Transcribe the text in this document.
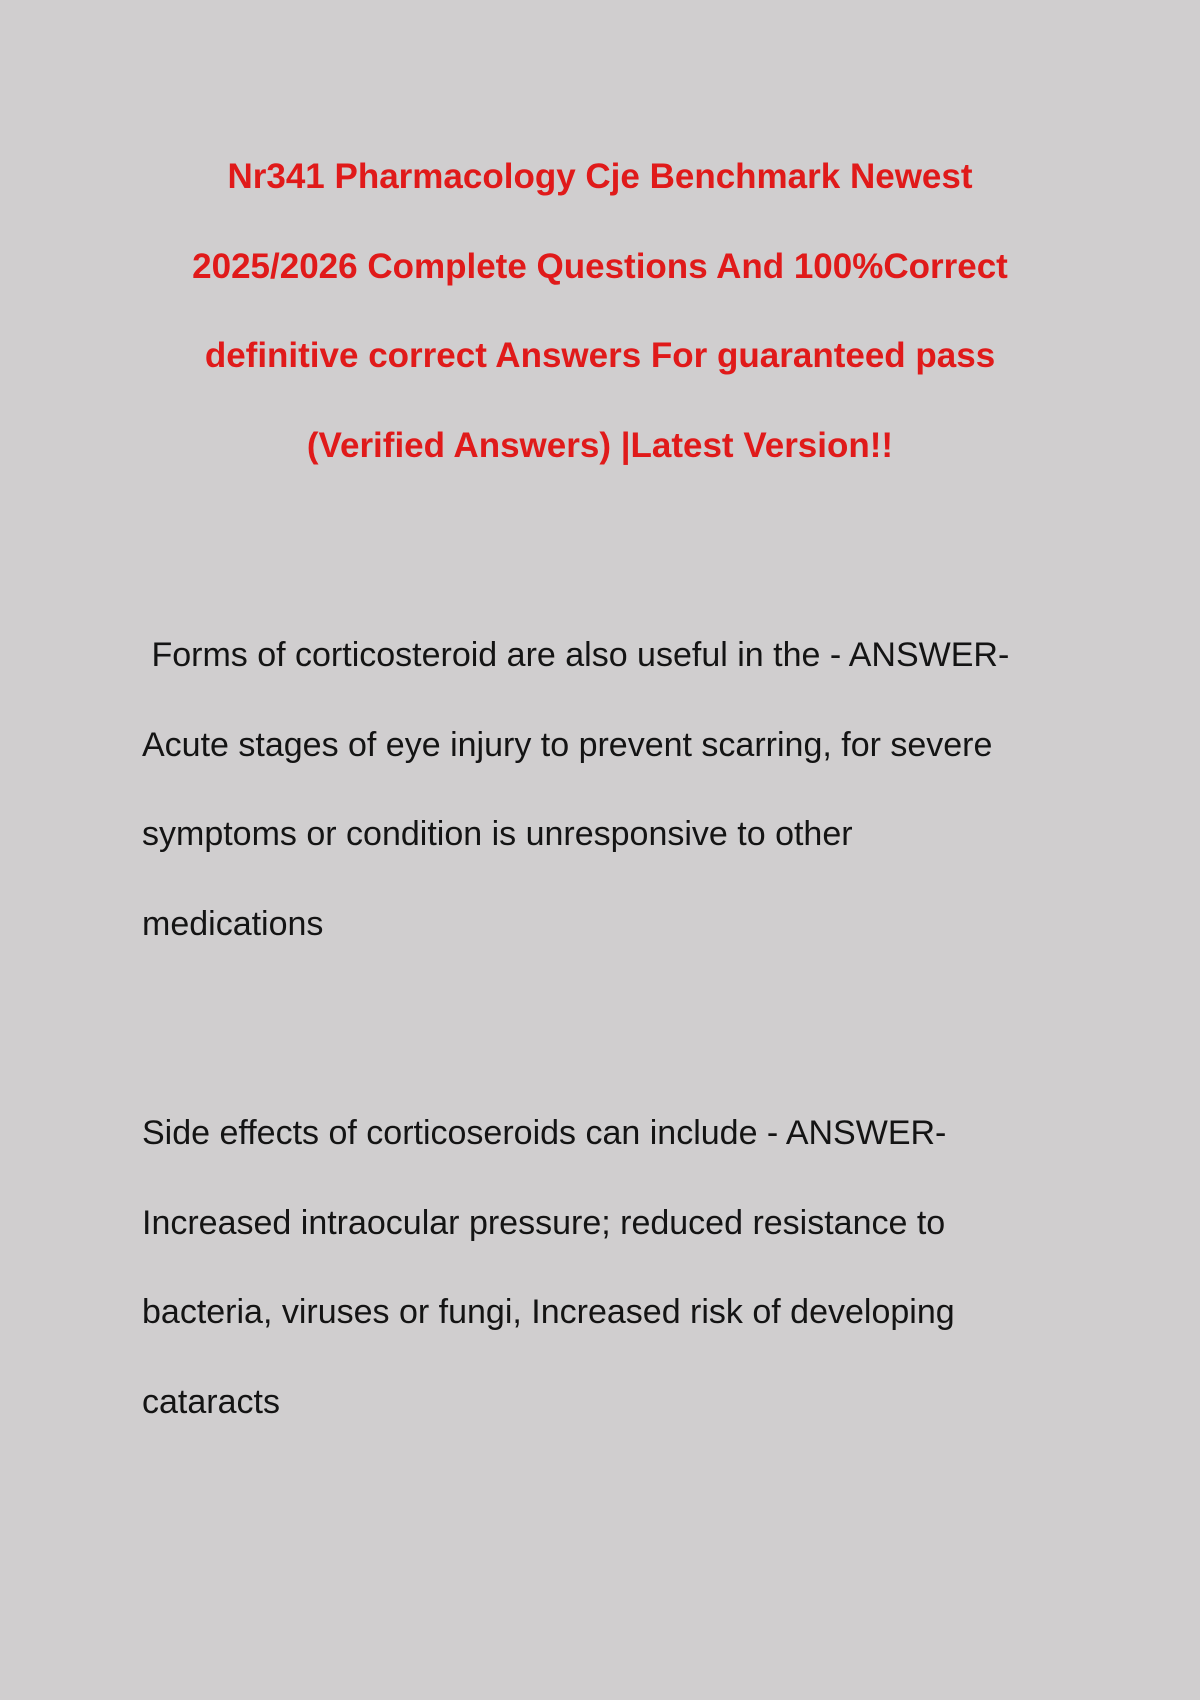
Nr341 Pharmacology Cje Benchmark Newest
2025/2026 Complete Questions And 100%Correct
definitive correct Answers For guaranteed pass
(Verified Answers) |Latest Version!!
Forms of corticosteroid are also useful in the - ANSWER-
Acute stages of eye injury to prevent scarring, for severe
symptoms or condition is unresponsive to other
medications
Side effects of corticoseroids can include - ANSWER-
Increased intraocular pressure; reduced resistance to
bacteria, viruses or fungi, Increased risk of developing
cataracts
